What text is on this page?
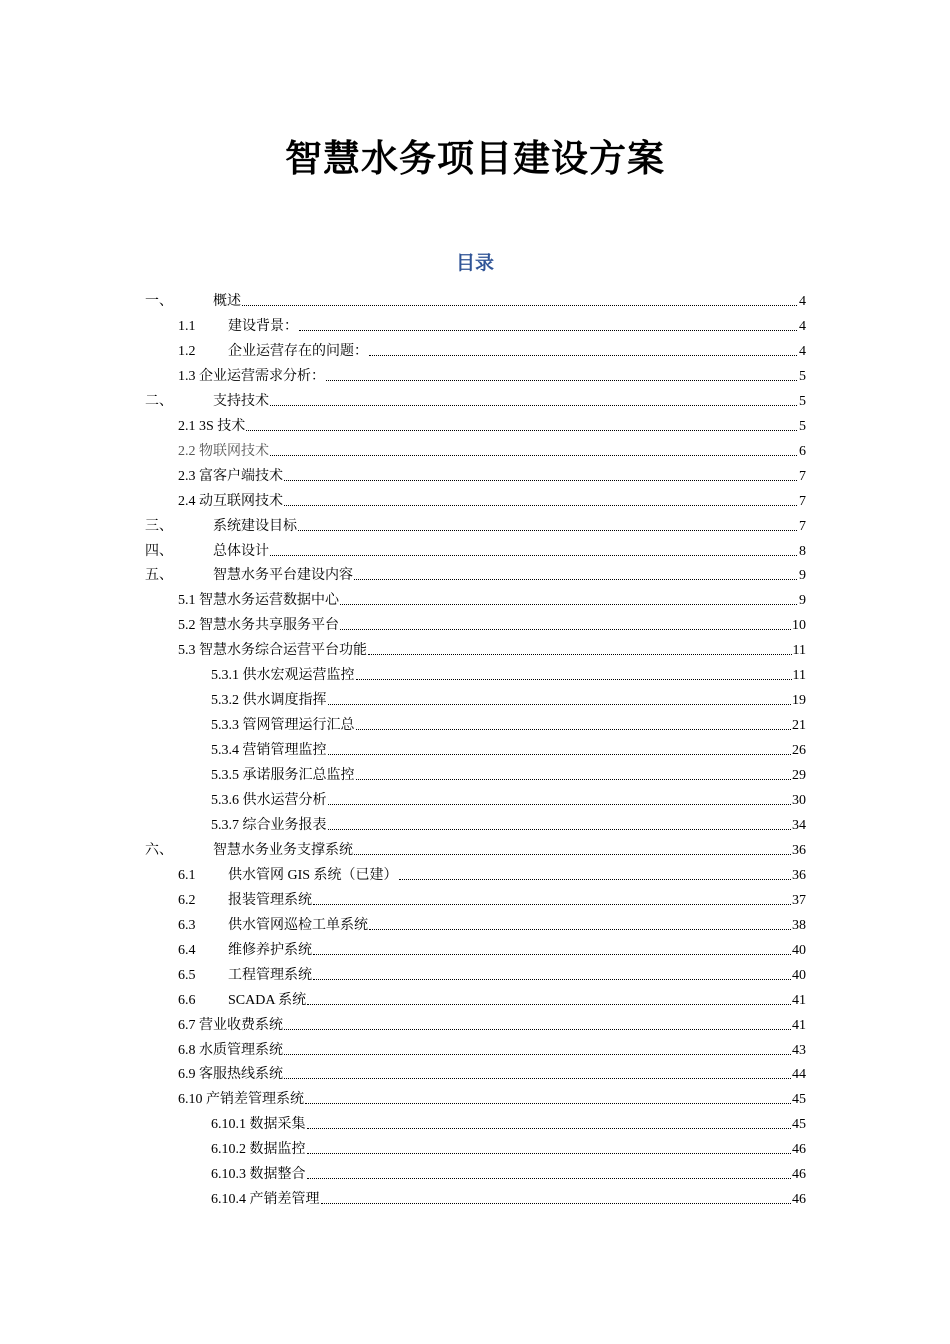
智慧水务项目建设方案
目录
一、	概述	4
1.1	建设背景：	4
1.2	企业运营存在的问题：	4
1.3 企业运营需求分析：	5
二、	支持技术	5
2.1 3S 技术	5
2.2 物联网技术	6
2.3 富客户端技术	7
2.4 动互联网技术	7
三、	系统建设目标	7
四、	总体设计	8
五、	智慧水务平台建设内容	9
5.1 智慧水务运营数据中心	9
5.2 智慧水务共享服务平台	10
5.3 智慧水务综合运营平台功能	11
5.3.1 供水宏观运营监控	11
5.3.2 供水调度指挥	19
5.3.3 管网管理运行汇总	21
5.3.4 营销管理监控	26
5.3.5 承诺服务汇总监控	29
5.3.6 供水运营分析	30
5.3.7 综合业务报表	34
六、	智慧水务业务支撑系统	36
6.1	供水管网 GIS 系统（已建）	36
6.2	报装管理系统	37
6.3	供水管网巡检工单系统	38
6.4	维修养护系统	40
6.5	工程管理系统	40
6.6	SCADA 系统	41
6.7 营业收费系统	41
6.8 水质管理系统	43
6.9 客服热线系统	44
6.10 产销差管理系统	45
6.10.1 数据采集	45
6.10.2 数据监控	46
6.10.3 数据整合	46
6.10.4 产销差管理	46
